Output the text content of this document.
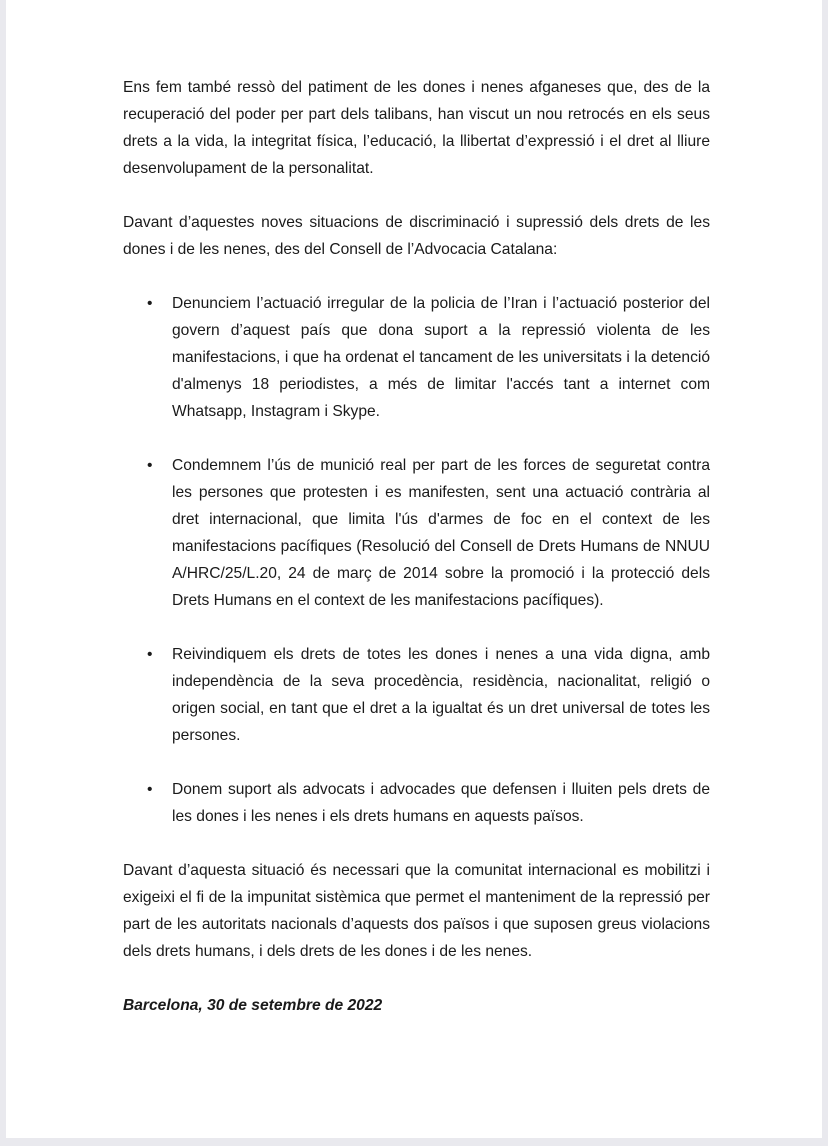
Ens fem també ressò del patiment de les dones i nenes afganeses que, des de la recuperació del poder per part dels talibans, han viscut un nou retrocés en els seus drets a la vida, la integritat física, l’educació, la llibertat d’expressió i el dret al lliure desenvolupament de la personalitat.

Davant d’aquestes noves situacions de discriminació i supressió dels drets de les dones i de les nenes, des del Consell de l’Advocacia Catalana:

• Denunciem l’actuació irregular de la policia de l’Iran i l’actuació posterior del govern d’aquest país que dona suport a la repressió violenta de les manifestacions, i que ha ordenat el tancament de les universitats i la detenció d'almenys 18 periodistes, a més de limitar l'accés tant a internet com Whatsapp, Instagram i Skype.
• Condemnem l’ús de munició real per part de les forces de seguretat contra les persones que protesten i es manifesten, sent una actuació contrària al dret internacional, que limita l'ús d'armes de foc en el context de les manifestacions pacífiques (Resolució del Consell de Drets Humans de NNUU A/HRC/25/L.20, 24 de març de 2014 sobre la promoció i la protecció dels Drets Humans en el context de les manifestacions pacífiques).
• Reivindiquem els drets de totes les dones i nenes a una vida digna, amb independència de la seva procedència, residència, nacionalitat, religió o origen social, en tant que el dret a la igualtat és un dret universal de totes les persones.
• Donem suport als advocats i advocades que defensen i lluiten pels drets de les dones i les nenes i els drets humans en aquests països.

Davant d’aquesta situació és necessari que la comunitat internacional es mobilitzi i exigeixi el fi de la impunitat sistèmica que permet el manteniment de la repressió per part de les autoritats nacionals d’aquests dos països i que suposen greus violacions dels drets humans, i dels drets de les dones i de les nenes.

Barcelona, 30 de setembre de 2022
